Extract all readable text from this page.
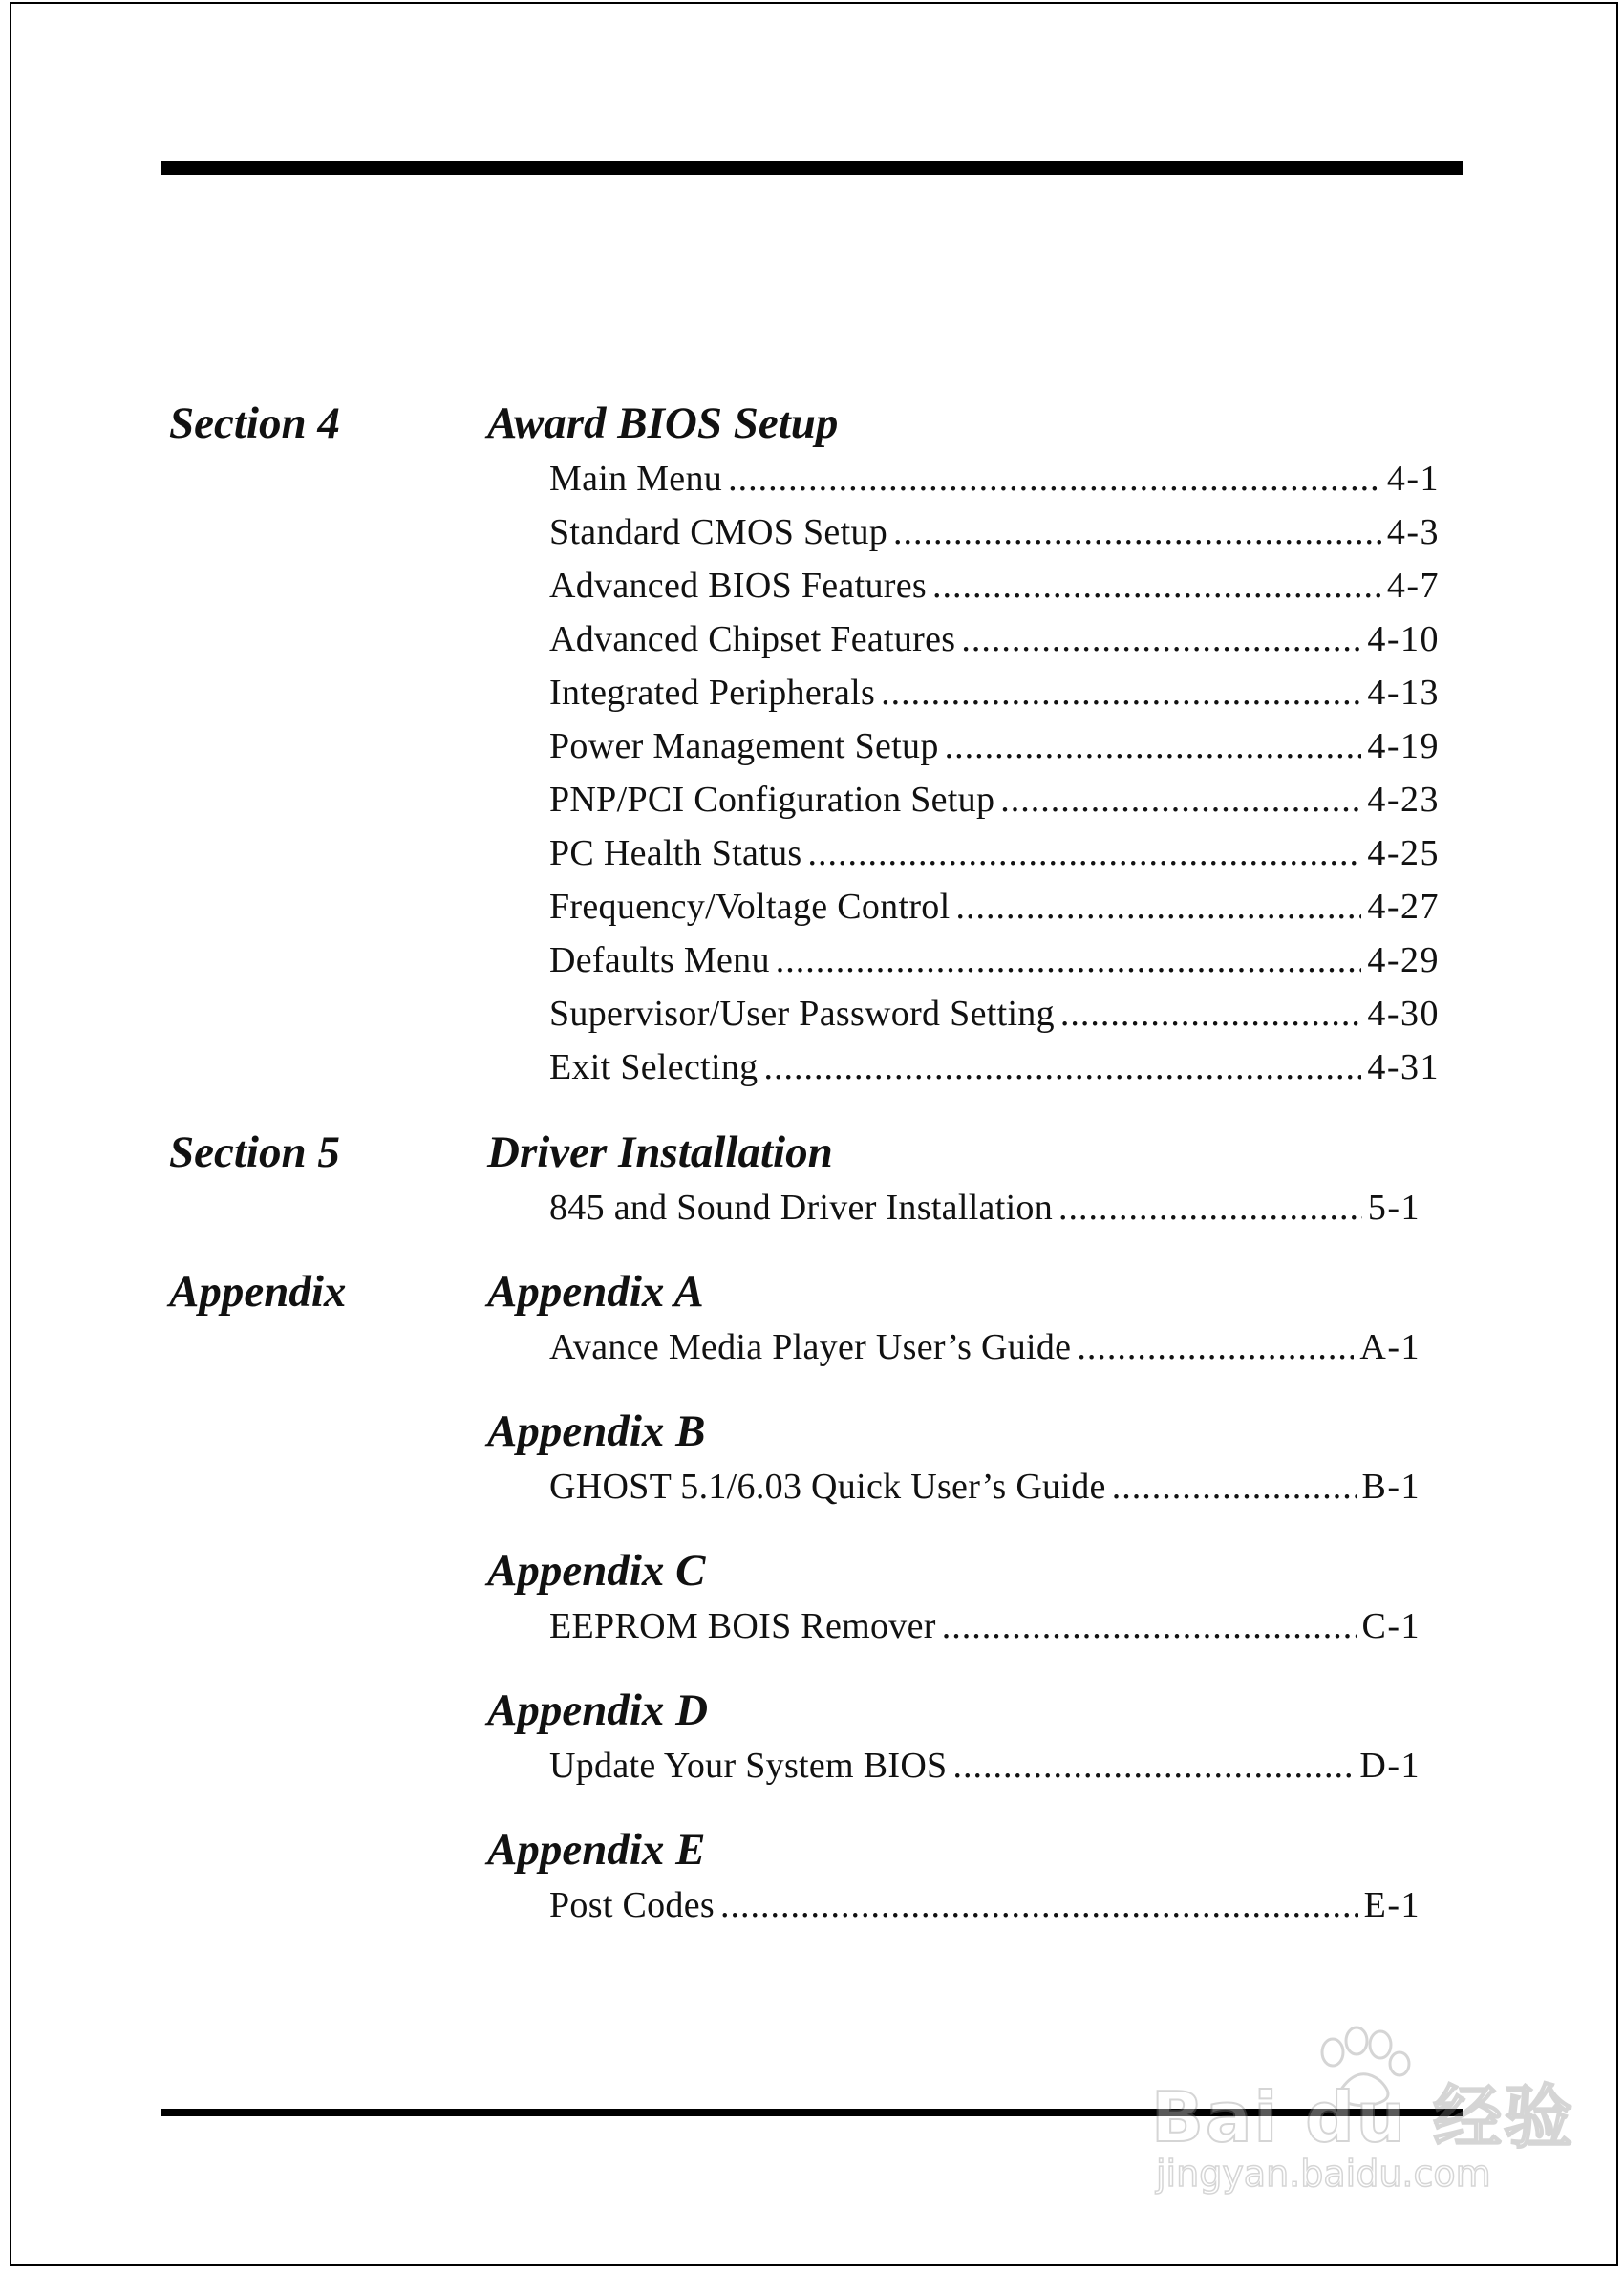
Section 4	Award BIOS Setup
Main Menu .....	4-1
Standard CMOS Setup .....	4-3
Advanced BIOS Features .....	4-7
Advanced Chipset Features .....	4-10
Integrated Peripherals .....	4-13
Power Management Setup .....	4-19
PNP/PCI Configuration Setup .....	4-23
PC Health Status .....	4-25
Frequency/Voltage Control .....	4-27
Defaults Menu .....	4-29
Supervisor/User Password Setting .....	4-30
Exit Selecting .....	4-31
Section 5	Driver Installation
845 and Sound Driver Installation .....	5-1
Appendix	Appendix A
Avance Media Player User’s Guide .....	A-1
Appendix B
GHOST 5.1/6.03 Quick User’s Guide .....	B-1
Appendix C
EEPROM BOIS Remover .....	C-1
Appendix D
Update Your System BIOS .....	D-1
Appendix E
Post Codes .....	E-1
Bai du 经验
jingyan.baidu.com
